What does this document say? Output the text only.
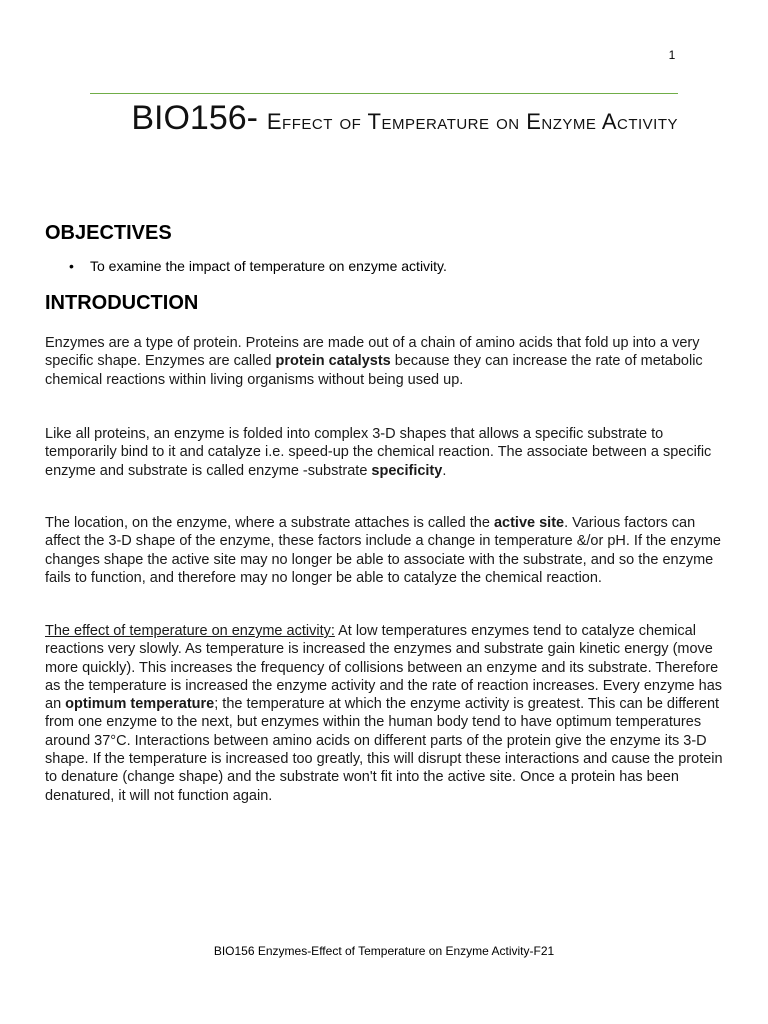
1
BIO156- Effect of Temperature on Enzyme Activity
OBJECTIVES
• To examine the impact of temperature on enzyme activity.
INTRODUCTION

Enzymes are a type of protein. Proteins are made out of a chain of amino acids that fold up into a very specific shape. Enzymes are called protein catalysts because they can increase the rate of metabolic chemical reactions within living organisms without being used up.

Like all proteins, an enzyme is folded into complex 3-D shapes that allows a specific substrate to temporarily bind to it and catalyze i.e. speed-up the chemical reaction. The associate between a specific enzyme and substrate is called enzyme -substrate specificity.

The location, on the enzyme, where a substrate attaches is called the active site. Various factors can affect the 3-D shape of the enzyme, these factors include a change in temperature &/or pH. If the enzyme changes shape the active site may no longer be able to associate with the substrate, and so the enzyme fails to function, and therefore may no longer be able to catalyze the chemical reaction.

The effect of temperature on enzyme activity: At low temperatures enzymes tend to catalyze chemical reactions very slowly. As temperature is increased the enzymes and substrate gain kinetic energy (move more quickly). This increases the frequency of collisions between an enzyme and its substrate. Therefore as the temperature is increased the enzyme activity and the rate of reaction increases. Every enzyme has an optimum temperature; the temperature at which the enzyme activity is greatest. This can be different from one enzyme to the next, but enzymes within the human body tend to have optimum temperatures around 37°C. Interactions between amino acids on different parts of the protein give the enzyme its 3-D shape. If the temperature is increased too greatly, this will disrupt these interactions and cause the protein to denature (change shape) and the substrate won't fit into the active site. Once a protein has been denatured, it will not function again.

BIO156 Enzymes-Effect of Temperature on Enzyme Activity-F21
